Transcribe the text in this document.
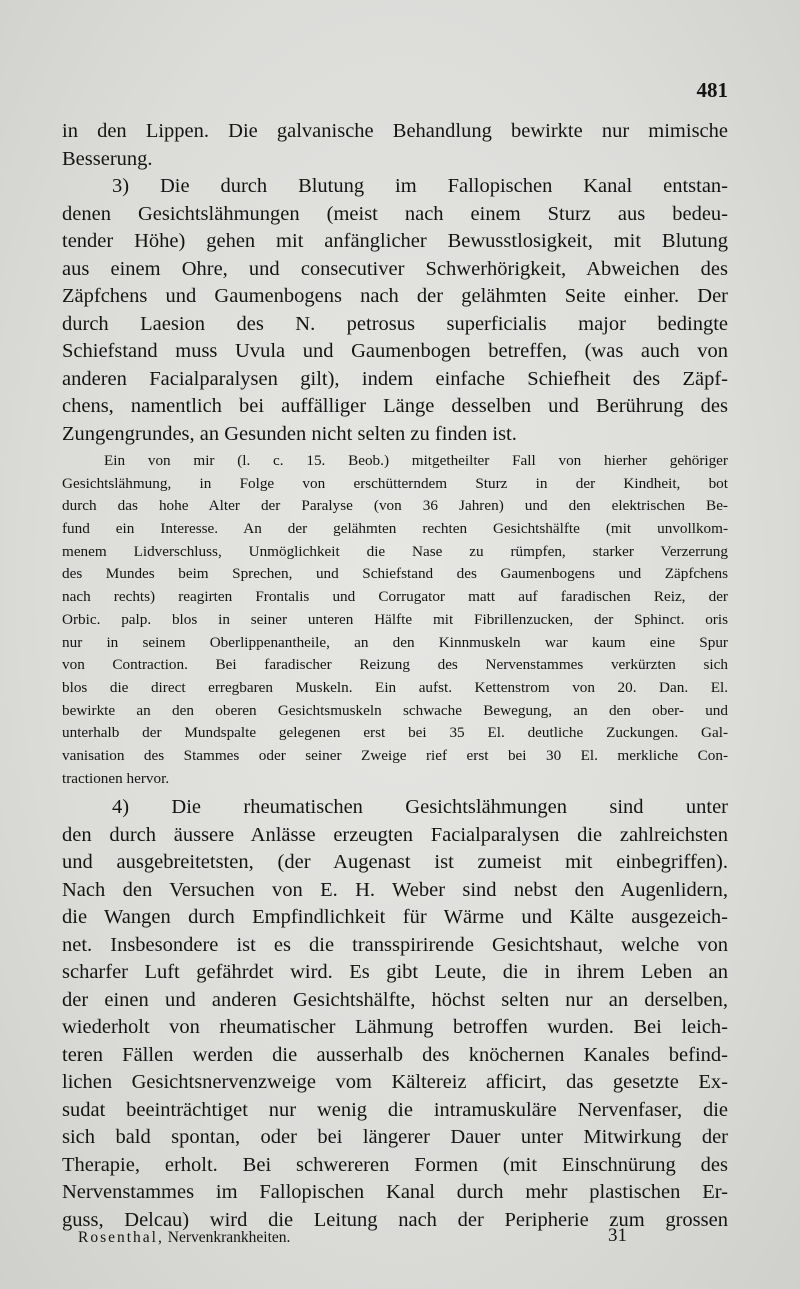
481
in den Lippen. Die galvanische Behandlung bewirkte nur mimische
Besserung.
3) Die durch Blutung im Fallopischen Kanal entstan-
denen Gesichtslähmungen (meist nach einem Sturz aus bedeu-
tender Höhe) gehen mit anfänglicher Bewusstlosigkeit, mit Blutung
aus einem Ohre, und consecutiver Schwerhörigkeit, Abweichen des
Zäpfchens und Gaumenbogens nach der gelähmten Seite einher. Der
durch Laesion des N. petrosus superficialis major bedingte
Schiefstand muss Uvula und Gaumenbogen betreffen, (was auch von
anderen Facialparalysen gilt), indem einfache Schiefheit des Zäpf-
chens, namentlich bei auffälliger Länge desselben und Berührung des
Zungengrundes, an Gesunden nicht selten zu finden ist.
Ein von mir (l. c. 15. Beob.) mitgetheilter Fall von hierher gehöriger
Gesichtslähmung, in Folge von erschütterndem Sturz in der Kindheit, bot
durch das hohe Alter der Paralyse (von 36 Jahren) und den elektrischen Be-
fund ein Interesse. An der gelähmten rechten Gesichtshälfte (mit unvollkom-
menem Lidverschluss, Unmöglichkeit die Nase zu rümpfen, starker Verzerrung
des Mundes beim Sprechen, und Schiefstand des Gaumenbogens und Zäpfchens
nach rechts) reagirten Frontalis und Corrugator matt auf faradischen Reiz, der
Orbic. palp. blos in seiner unteren Hälfte mit Fibrillenzucken, der Sphinct. oris
nur in seinem Oberlippenantheile, an den Kinnmuskeln war kaum eine Spur
von Contraction. Bei faradischer Reizung des Nervenstammes verkürzten sich
blos die direct erregbaren Muskeln. Ein aufst. Kettenstrom von 20. Dan. El.
bewirkte an den oberen Gesichtsmuskeln schwache Bewegung, an den ober- und
unterhalb der Mundspalte gelegenen erst bei 35 El. deutliche Zuckungen. Gal-
vanisation des Stammes oder seiner Zweige rief erst bei 30 El. merkliche Con-
tractionen hervor.
4) Die rheumatischen Gesichtslähmungen sind unter
den durch äussere Anlässe erzeugten Facialparalysen die zahlreichsten
und ausgebreitetsten, (der Augenast ist zumeist mit einbegriffen).
Nach den Versuchen von E. H. Weber sind nebst den Augenlidern,
die Wangen durch Empfindlichkeit für Wärme und Kälte ausgezeich-
net. Insbesondere ist es die transspirirende Gesichtshaut, welche von
scharfer Luft gefährdet wird. Es gibt Leute, die in ihrem Leben an
der einen und anderen Gesichtshälfte, höchst selten nur an derselben,
wiederholt von rheumatischer Lähmung betroffen wurden. Bei leich-
teren Fällen werden die ausserhalb des knöchernen Kanales befind-
lichen Gesichtsnervenzweige vom Kältereiz afficirt, das gesetzte Ex-
sudat beeinträchtiget nur wenig die intramuskuläre Nervenfaser, die
sich bald spontan, oder bei längerer Dauer unter Mitwirkung der
Therapie, erholt. Bei schwereren Formen (mit Einschnürung des
Nervenstammes im Fallopischen Kanal durch mehr plastischen Er-
guss, Delcau) wird die Leitung nach der Peripherie zum grossen
Rosenthal, Nervenkrankheiten.	31
